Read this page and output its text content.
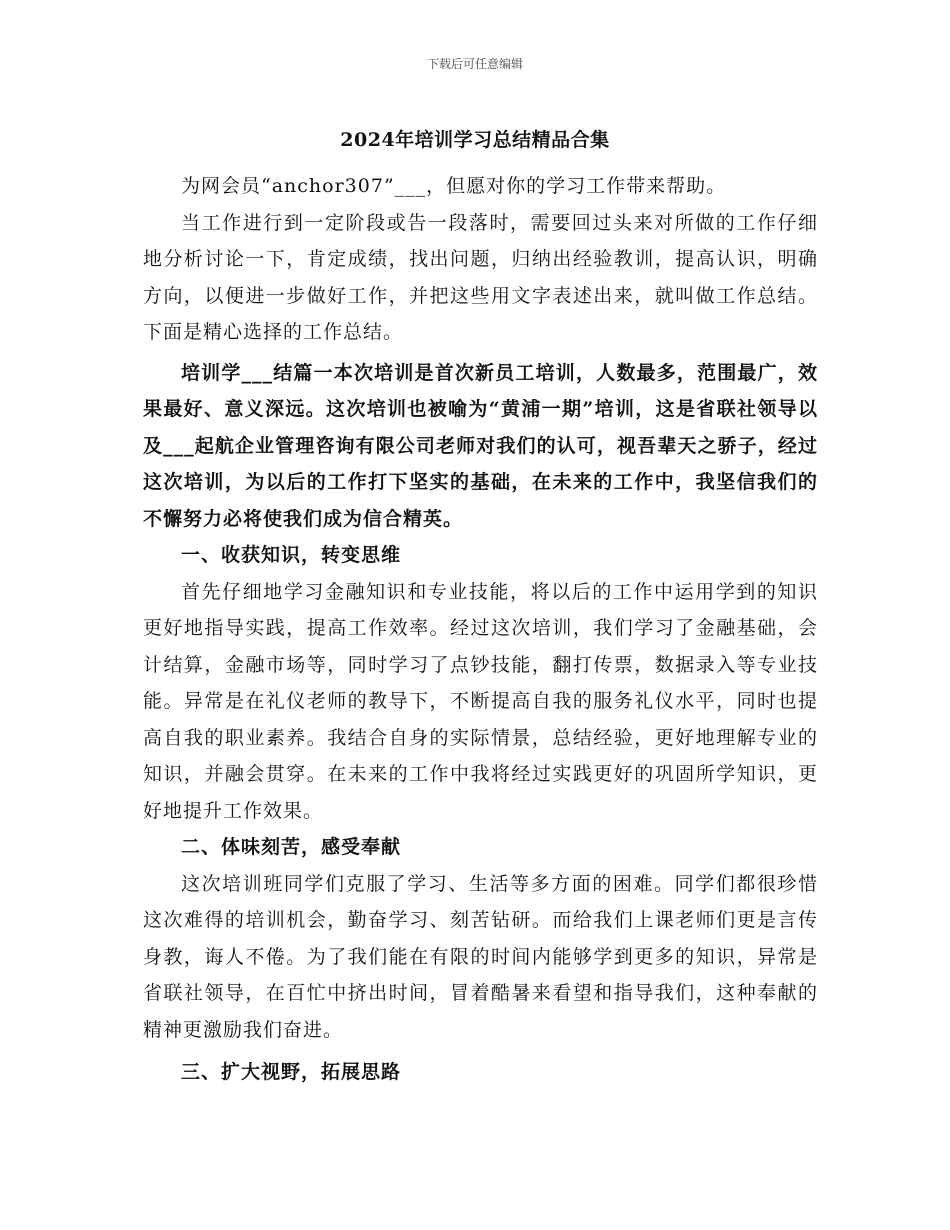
下载后可任意编辑
2024年培训学习总结精品合集

为网会员“anchor307”___，但愿对你的学习工作带来帮助。

当工作进行到一定阶段或告一段落时，需要回过头来对所做的工作仔细地分析讨论一下，肯定成绩，找出问题，归纳出经验教训，提高认识，明确方向，以便进一步做好工作，并把这些用文字表述出来，就叫做工作总结。下面是精心选择的工作总结。

培训学___结篇一本次培训是首次新员工培训，人数最多，范围最广，效果最好、意义深远。这次培训也被喻为“黄浦一期”培训，这是省联社领导以及___起航企业管理咨询有限公司老师对我们的认可，视吾辈天之骄子，经过这次培训，为以后的工作打下坚实的基础，在未来的工作中，我坚信我们的不懈努力必将使我们成为信合精英。

一、收获知识，转变思维

首先仔细地学习金融知识和专业技能，将以后的工作中运用学到的知识更好地指导实践，提高工作效率。经过这次培训，我们学习了金融基础，会计结算，金融市场等，同时学习了点钞技能，翻打传票，数据录入等专业技能。异常是在礼仪老师的教导下，不断提高自我的服务礼仪水平，同时也提高自我的职业素养。我结合自身的实际情景，总结经验，更好地理解专业的知识，并融会贯穿。在未来的工作中我将经过实践更好的巩固所学知识，更好地提升工作效果。

二、体味刻苦，感受奉献

这次培训班同学们克服了学习、生活等多方面的困难。同学们都很珍惜这次难得的培训机会，勤奋学习、刻苦钻研。而给我们上课老师们更是言传身教，诲人不倦。为了我们能在有限的时间内能够学到更多的知识，异常是省联社领导，在百忙中挤出时间，冒着酷暑来看望和指导我们，这种奉献的精神更激励我们奋进。

三、扩大视野，拓展思路
